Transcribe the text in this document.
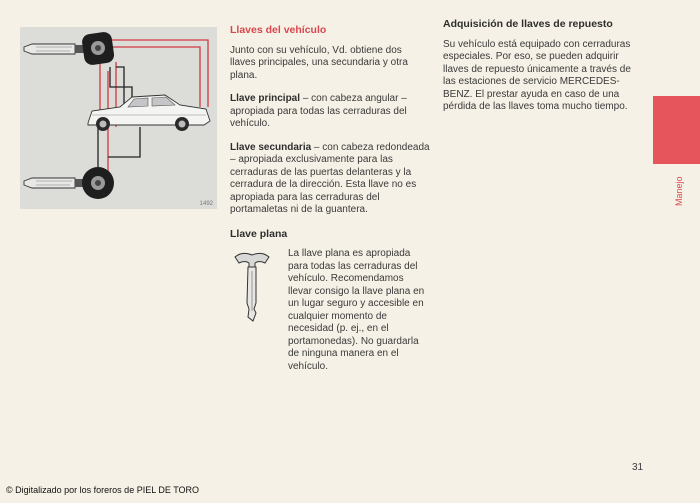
1492
Llaves del vehículo

Junto con su vehículo, Vd. obtiene dos llaves principales, una secundaria y otra plana.

Llave principal – con cabeza angular – apropiada para todas las cerraduras del vehículo.

Llave secundaria – con cabeza redondeada – apropiada exclusivamente para las cerraduras de las puertas delanteras y la cerradura de la dirección. Esta llave no es apropiada para las cerraduras del portamaletas ni de la guantera.

Llave plana

La llave plana es apropiada para todas las cerraduras del vehículo. Recomendamos llevar consigo la llave plana en un lugar seguro y accesible en cualquier momento de necesidad (p. ej., en el portamonedas). No guardarla de ninguna manera en el vehículo.

Adquisición de llaves de repuesto

Su vehículo está equipado con cerraduras especiales. Por eso, se pueden adquirir llaves de repuesto únicamente a través de las estaciones de servicio MERCEDES-BENZ. El prestar ayuda en caso de una pérdida de las llaves toma mucho tiempo.

Manejo
31
© Digitalizado por los foreros de PIEL DE TORO
